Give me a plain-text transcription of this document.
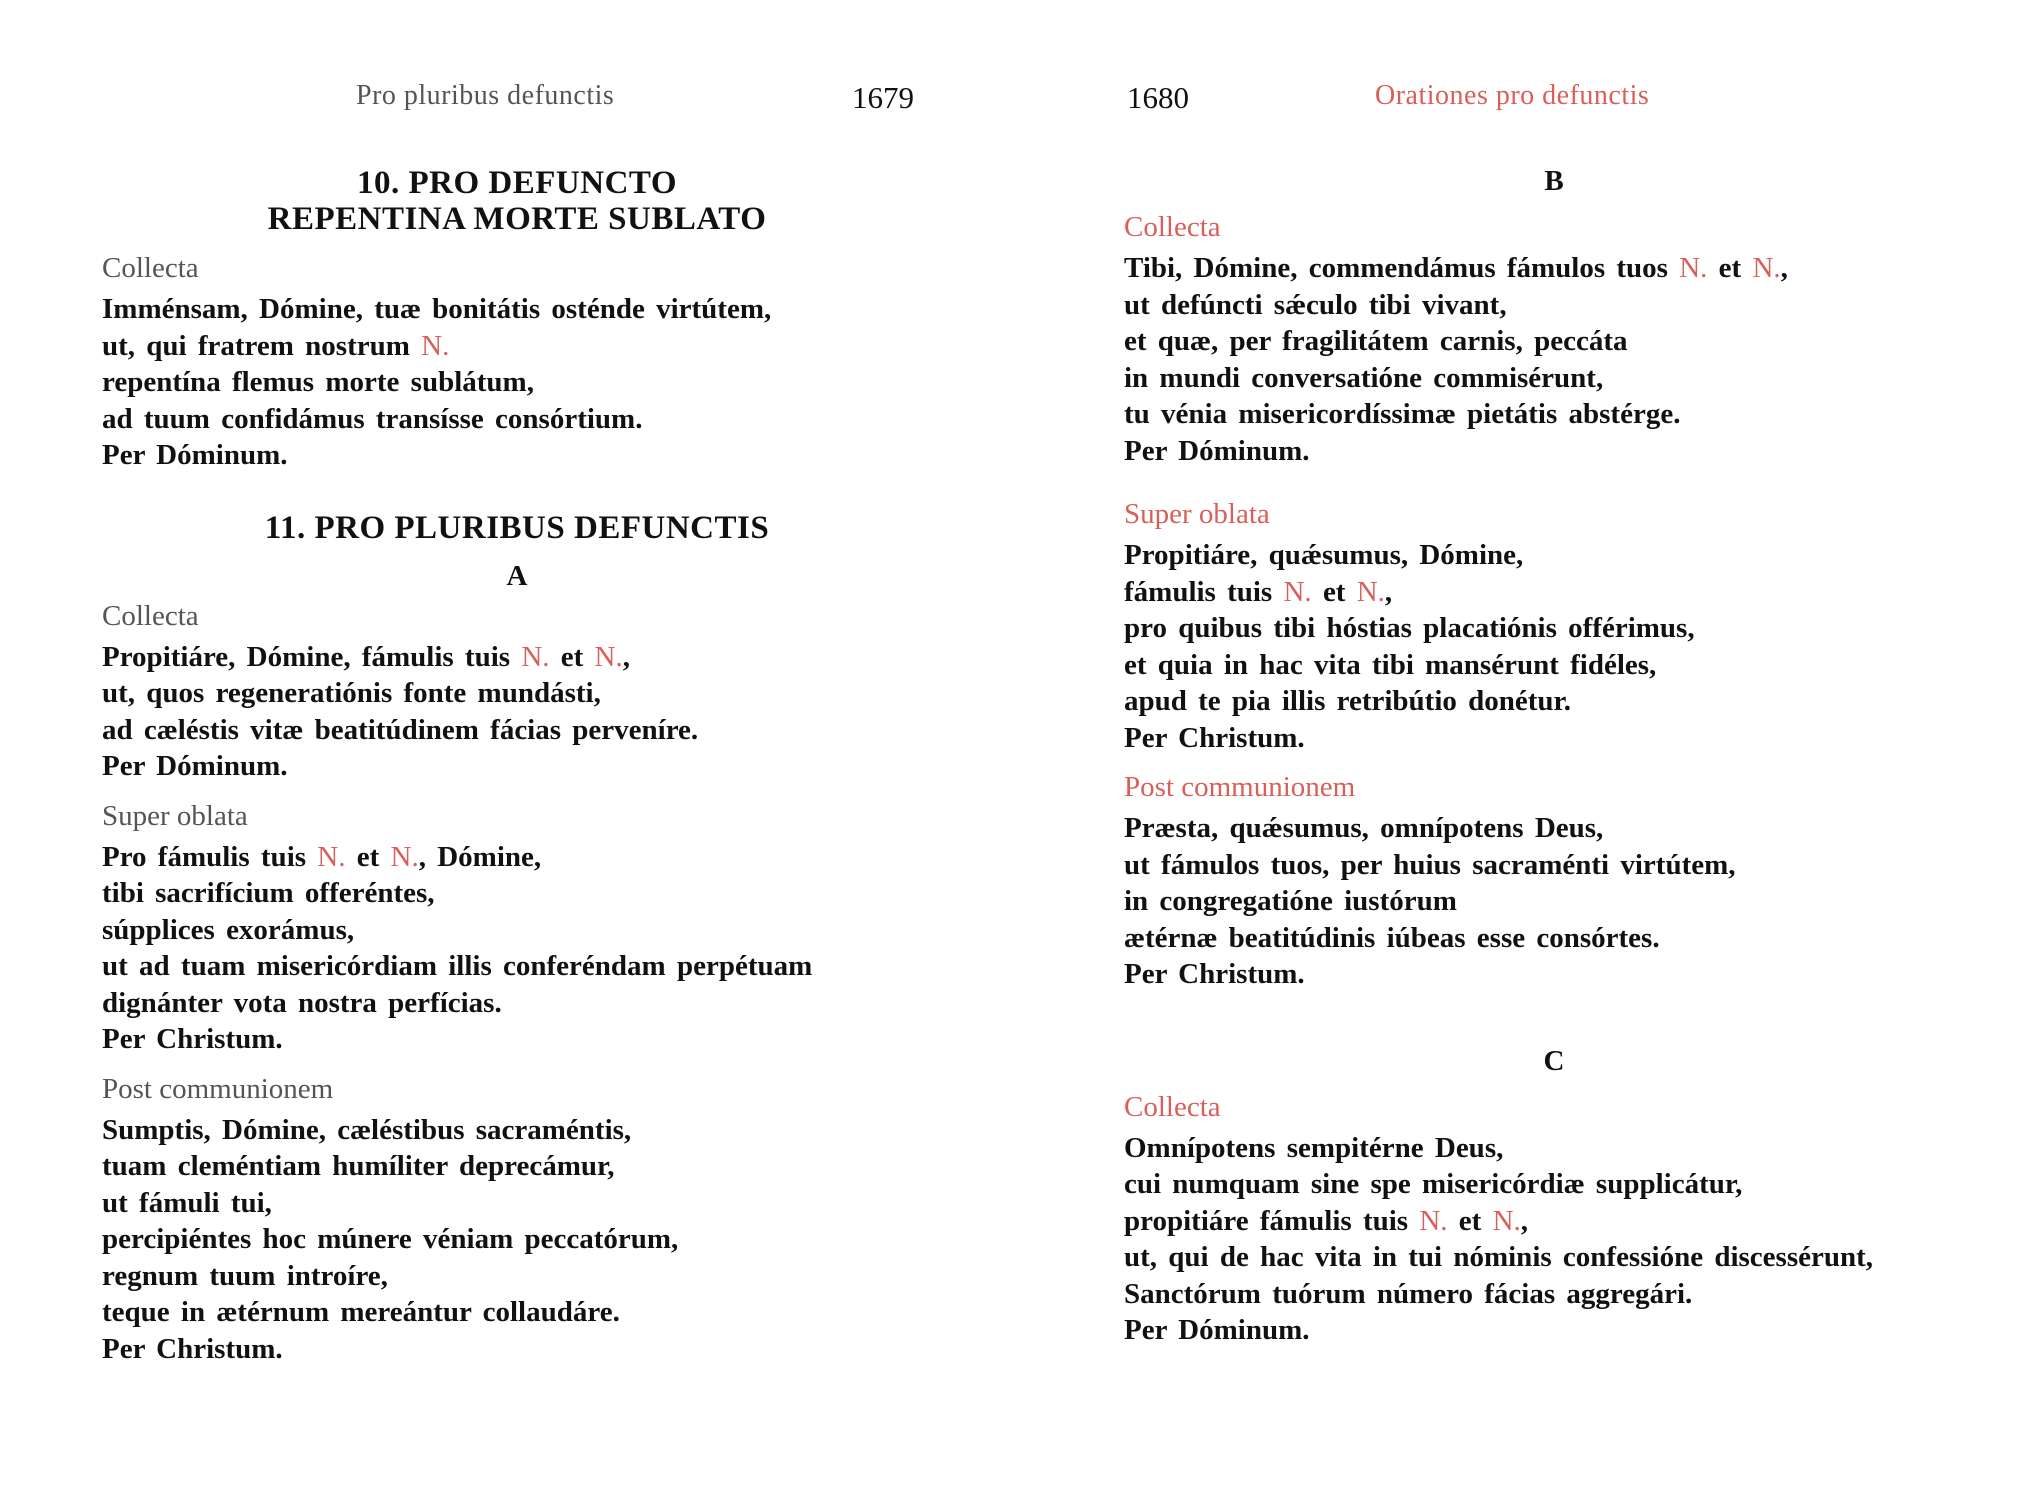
Pro pluribus defunctis	1679
10. PRO DEFUNCTO
REPENTINA MORTE SUBLATO
Collecta
Imménsam, Dómine, tuæ bonitátis osténde virtútem,
ut, qui fratrem nostrum N.
repentína flemus morte sublátum,
ad tuum confidámus transísse consórtium.
Per Dóminum.
11. PRO PLURIBUS DEFUNCTIS
A
Collecta
Propitiáre, Dómine, fámulis tuis N. et N.,
ut, quos regeneratiónis fonte mundásti,
ad cæléstis vitæ beatitúdinem fácias perveníre.
Per Dóminum.
Super oblata
Pro fámulis tuis N. et N., Dómine,
tibi sacrifícium offeréntes,
súpplices exorámus,
ut ad tuam misericórdiam illis conferéndam perpétuam
dignánter vota nostra perfícias.
Per Christum.
Post communionem
Sumptis, Dómine, cæléstibus sacraméntis,
tuam cleméntiam humíliter deprecámur,
ut fámuli tui,
percipiéntes hoc múnere véniam peccatórum,
regnum tuum introíre,
teque in ætérnum mereántur collaudáre.
Per Christum.
1680	Orationes pro defunctis
B
Collecta
Tibi, Dómine, commendámus fámulos tuos N. et N.,
ut defúncti sǽculo tibi vivant,
et quæ, per fragilitátem carnis, peccáta
in mundi conversatióne commisérunt,
tu vénia misericordíssimæ pietátis abstérge.
Per Dóminum.
Super oblata
Propitiáre, quǽsumus, Dómine,
fámulis tuis N. et N.,
pro quibus tibi hóstias placatiónis offérimus,
et quia in hac vita tibi mansérunt fidéles,
apud te pia illis retribútio donétur.
Per Christum.
Post communionem
Præsta, quǽsumus, omnípotens Deus,
ut fámulos tuos, per huius sacraménti virtútem,
in congregatióne iustórum
ætérnæ beatitúdinis iúbeas esse consórtes.
Per Christum.
C
Collecta
Omnípotens sempitérne Deus,
cui numquam sine spe misericórdiæ supplicátur,
propitiáre fámulis tuis N. et N.,
ut, qui de hac vita in tui nóminis confessióne discessérunt,
Sanctórum tuórum número fácias aggregári.
Per Dóminum.
